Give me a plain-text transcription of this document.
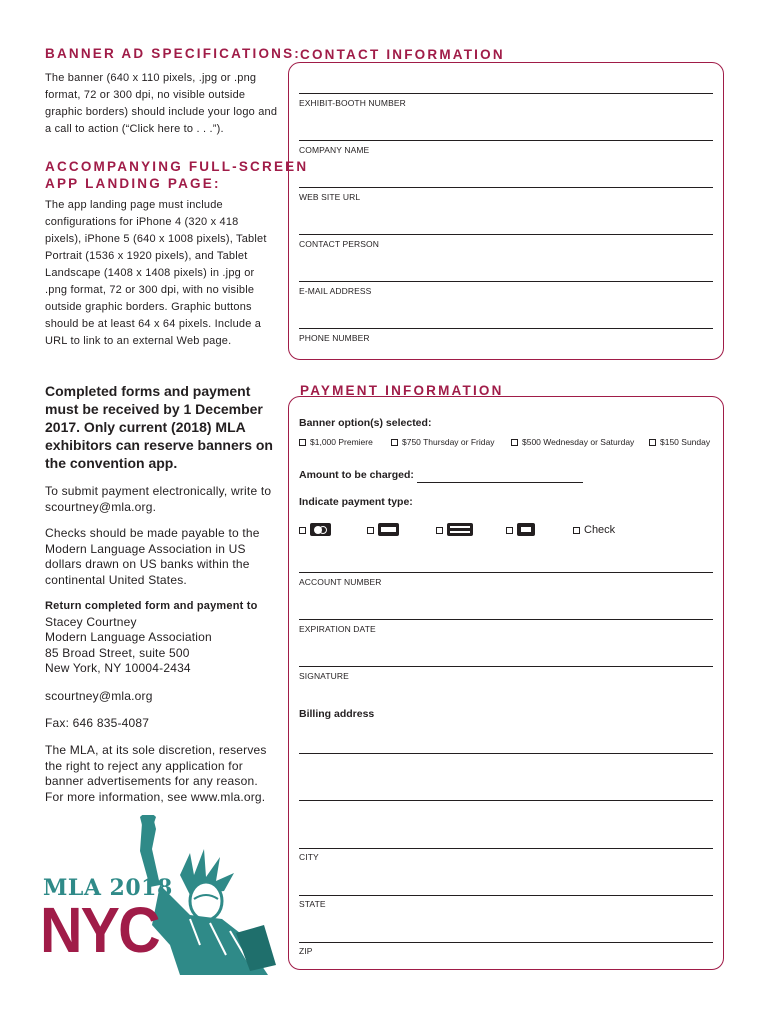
BANNER AD SPECIFICATIONS:
The banner (640 x 110 pixels, .jpg or .png format, 72 or 300 dpi, no visible outside graphic borders) should include your logo and a call to action (“Click here to . . .”).
ACCOMPANYING FULL-SCREEN
APP LANDING PAGE:
The app landing page must include configurations for iPhone 4 (320 x 418 pixels), iPhone 5 (640 x 1008 pixels), Tablet Portrait (1536 x 1920 pixels), and Tablet Landscape (1408 x 1408 pixels) in .jpg or .png format, 72 or 300 dpi, with no visible outside graphic borders. Graphic buttons should be at least 64 x 64 pixels. Include a URL to link to an external Web page.
Completed forms and payment must be received by 1 December 2017. Only current (2018) MLA exhibitors can reserve banners on the convention app.
To submit payment electronically, write to scourtney@mla.org.
Checks should be made payable to the Modern Language Association in US dollars drawn on US banks within the continental United States.
Return completed form and payment to
Stacey Courtney
Modern Language Association
85 Broad Street, suite 500
New York, NY 10004-2434
scourtney@mla.org
Fax: 646 835-4087
The MLA, at its sole discretion, reserves the right to reject any application for banner advertisements for any reason. For more information, see www.mla.org.
MLA 2018
NYC
CONTACT INFORMATION
EXHIBIT-BOOTH NUMBER
COMPANY NAME
WEB SITE URL
CONTACT PERSON
E-MAIL ADDRESS
PHONE NUMBER
PAYMENT INFORMATION
Banner option(s) selected:
$1,000 Premiere	$750 Thursday or Friday	$500 Wednesday or Saturday	$150 Sunday
Amount to be charged:
Indicate payment type:
Check
ACCOUNT NUMBER
EXPIRATION DATE
SIGNATURE
Billing address
CITY
STATE
ZIP
